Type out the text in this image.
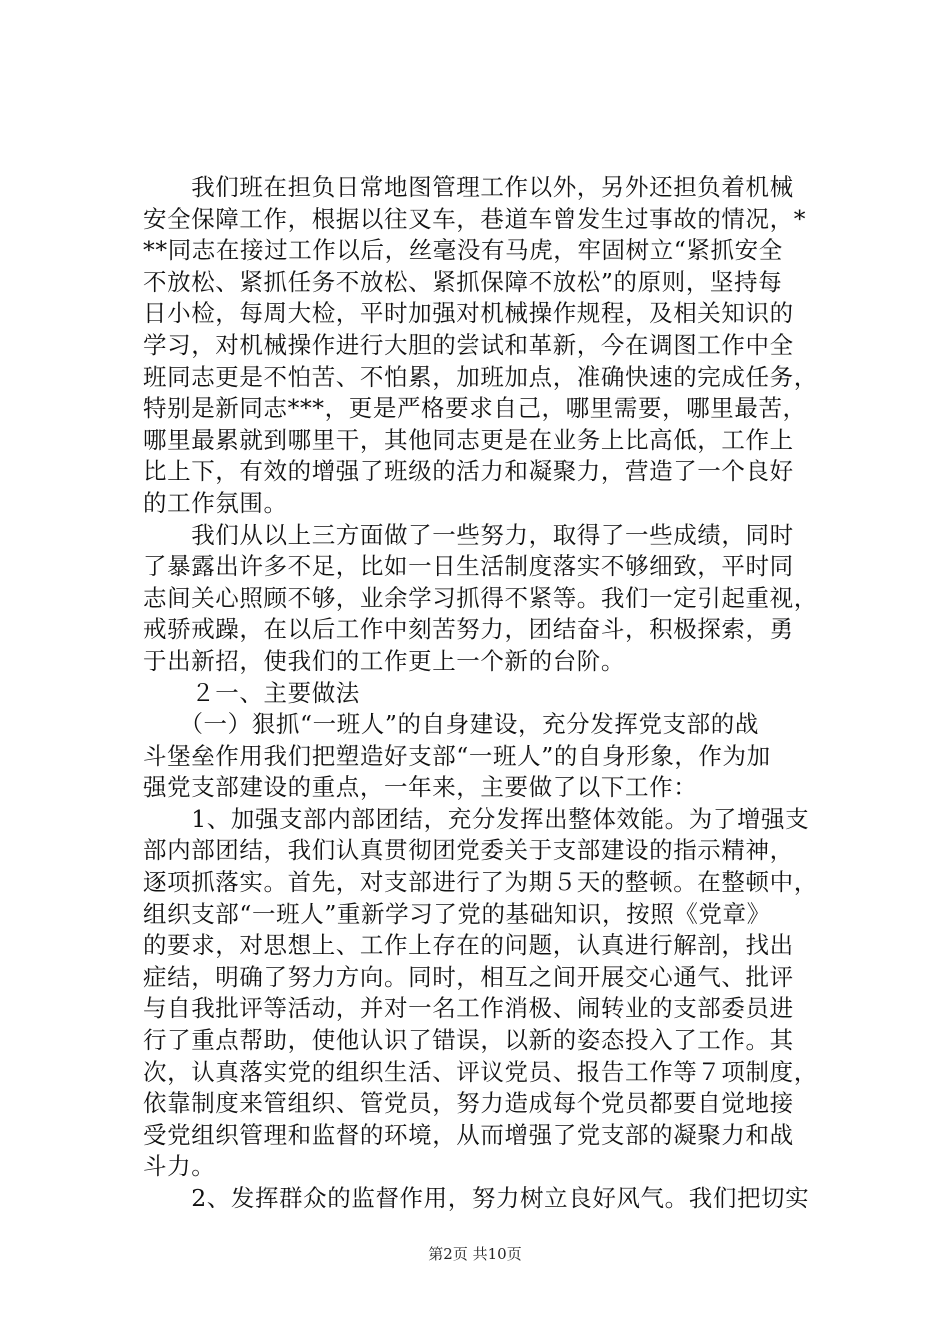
　　我们班在担负日常地图管理工作以外，另外还担负着机械
安全保障工作，根据以往叉车，巷道车曾发生过事故的情况，*
**同志在接过工作以后，丝毫没有马虎，牢固树立“紧抓安全
不放松、紧抓任务不放松、紧抓保障不放松”的原则，坚持每
日小检，每周大检，平时加强对机械操作规程，及相关知识的
学习，对机械操作进行大胆的尝试和革新，今在调图工作中全
班同志更是不怕苦、不怕累，加班加点，准确快速的完成任务，
特别是新同志***，更是严格要求自己，哪里需要，哪里最苦，
哪里最累就到哪里干，其他同志更是在业务上比高低，工作上
比上下，有效的增强了班级的活力和凝聚力，营造了一个良好
的工作氛围。
　　我们从以上三方面做了一些努力，取得了一些成绩，同时
了暴露出许多不足，比如一日生活制度落实不够细致，平时同
志间关心照顾不够，业余学习抓得不紧等。我们一定引起重视，
戒骄戒躁，在以后工作中刻苦努力，团结奋斗，积极探索，勇
于出新招，使我们的工作更上一个新的台阶。
　　２一、主要做法
　　（一）狠抓“一班人”的自身建设，充分发挥党支部的战
斗堡垒作用我们把塑造好支部“一班人”的自身形象，作为加
强党支部建设的重点，一年来，主要做了以下工作：
　　1、加强支部内部团结，充分发挥出整体效能。为了增强支
部内部团结，我们认真贯彻团党委关于支部建设的指示精神，
逐项抓落实。首先，对支部进行了为期５天的整顿。在整顿中，
组织支部“一班人”重新学习了党的基础知识，按照《党章》
的要求，对思想上、工作上存在的问题，认真进行解剖，找出
症结，明确了努力方向。同时，相互之间开展交心通气、批评
与自我批评等活动，并对一名工作消极、闹转业的支部委员进
行了重点帮助，使他认识了错误，以新的姿态投入了工作。其
次，认真落实党的组织生活、评议党员、报告工作等７项制度，
依靠制度来管组织、管党员，努力造成每个党员都要自觉地接
受党组织管理和监督的环境，从而增强了党支部的凝聚力和战
斗力。
　　2、发挥群众的监督作用，努力树立良好风气。我们把切实
第2页 共10页
